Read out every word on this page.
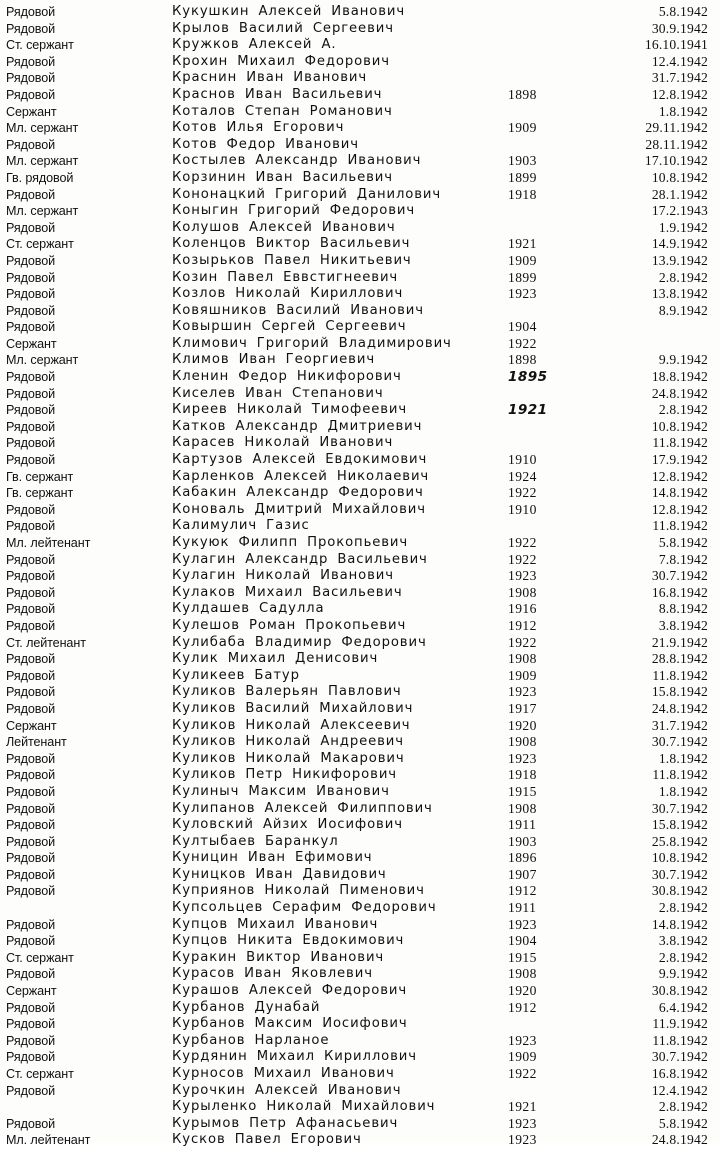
Рядовой	Кукушкин Алексей Иванович	5.8.1942
Рядовой	Крылов Василий Сергеевич	30.9.1942
Ст. сержант	Кружков Алексей А.	16.10.1941
Рядовой	Крохин Михаил Федорович	12.4.1942
Рядовой	Краснин Иван Иванович	31.7.1942
Рядовой	Краснов Иван Васильевич	1898	12.8.1942
Сержант	Коталов Степан Романович	1.8.1942
Мл. сержант	Котов Илья Егорович	1909	29.11.1942
Рядовой	Котов Федор Иванович	28.11.1942
Мл. сержант	Костылев Александр Иванович	1903	17.10.1942
Гв. рядовой	Корзинин Иван Васильевич	1899	10.8.1942
Рядовой	Кононацкий Григорий Данилович	1918	28.1.1942
Мл. сержант	Коныгин Григорий Федорович	17.2.1943
Рядовой	Колушов Алексей Иванович	1.9.1942
Ст. сержант	Коленцов Виктор Васильевич	1921	14.9.1942
Рядовой	Козырьков Павел Никитьевич	1909	13.9.1942
Рядовой	Козин Павел Еввстигнеевич	1899	2.8.1942
Рядовой	Козлов Николай Кириллович	1923	13.8.1942
Рядовой	Ковяшников Василий Иванович	8.9.1942
Рядовой	Ковыршин Сергей Сергеевич	1904
Сержант	Климович Григорий Владимирович	1922
Мл. сержант	Климов Иван Георгиевич	1898	9.9.1942
Рядовой	Кленин Федор Никифорович	1895	18.8.1942
Рядовой	Киселев Иван Степанович	24.8.1942
Рядовой	Киреев Николай Тимофеевич	1921	2.8.1942
Рядовой	Катков Александр Дмитриевич	10.8.1942
Рядовой	Карасев Николай Иванович	11.8.1942
Рядовой	Картузов Алексей Евдокимович	1910	17.9.1942
Гв. сержант	Карленков Алексей Николаевич	1924	12.8.1942
Гв. сержант	Кабакин Александр Федорович	1922	14.8.1942
Рядовой	Коноваль Дмитрий Михайлович	1910	12.8.1942
Рядовой	Калимулич Газис	11.8.1942
Мл. лейтенант	Кукуюк Филипп Прокопьевич	1922	5.8.1942
Рядовой	Кулагин Александр Васильевич	1922	7.8.1942
Рядовой	Кулагин Николай Иванович	1923	30.7.1942
Рядовой	Кулаков Михаил Васильевич	1908	16.8.1942
Рядовой	Кулдашев Садулла	1916	8.8.1942
Рядовой	Кулешов Роман Прокопьевич	1912	3.8.1942
Ст. лейтенант	Кулибаба Владимир Федорович	1922	21.9.1942
Рядовой	Кулик Михаил Денисович	1908	28.8.1942
Рядовой	Куликеев Батур	1909	11.8.1942
Рядовой	Куликов Валерьян Павлович	1923	15.8.1942
Рядовой	Куликов Василий Михайлович	1917	24.8.1942
Сержант	Куликов Николай Алексеевич	1920	31.7.1942
Лейтенант	Куликов Николай Андреевич	1908	30.7.1942
Рядовой	Куликов Николай Макарович	1923	1.8.1942
Рядовой	Куликов Петр Никифорович	1918	11.8.1942
Рядовой	Кулиныч Максим Иванович	1915	1.8.1942
Рядовой	Кулипанов Алексей Филиппович	1908	30.7.1942
Рядовой	Куловский Айзих Иосифович	1911	15.8.1942
Рядовой	Култыбаев Баранкул	1903	25.8.1942
Рядовой	Куницин Иван Ефимович	1896	10.8.1942
Рядовой	Куницков Иван Давидович	1907	30.7.1942
Рядовой	Куприянов Николай Пименович	1912	30.8.1942
Купсольцев Серафим Федорович	1911	2.8.1942
Рядовой	Купцов Михаил Иванович	1923	14.8.1942
Рядовой	Купцов Никита Евдокимович	1904	3.8.1942
Ст. сержант	Куракин Виктор Иванович	1915	2.8.1942
Рядовой	Курасов Иван Яковлевич	1908	9.9.1942
Сержант	Курашов Алексей Федорович	1920	30.8.1942
Рядовой	Курбанов Дунабай	1912	6.4.1942
Рядовой	Курбанов Максим Иосифович	11.9.1942
Рядовой	Курбанов Нарланое	1923	11.8.1942
Рядовой	Курдянин Михаил Кириллович	1909	30.7.1942
Ст. сержант	Курносов Михаил Иванович	1922	16.8.1942
Рядовой	Курочкин Алексей Иванович	12.4.1942
Курыленко Николай Михайлович	1921	2.8.1942
Рядовой	Курымов Петр Афанасьевич	1923	5.8.1942
Мл. лейтенант	Кусков Павел Егорович	1923	24.8.1942
